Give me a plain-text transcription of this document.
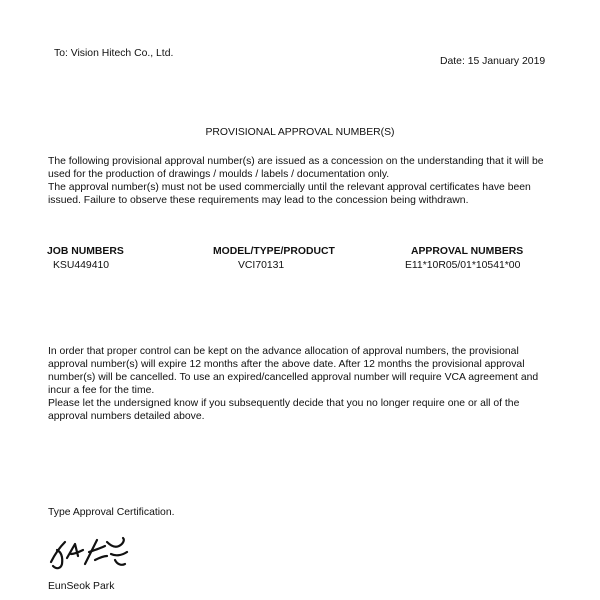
To: Vision Hitech Co., Ltd.
Date: 15 January 2019
PROVISIONAL APPROVAL NUMBER(S)

The following provisional approval number(s) are issued as a concession on the understanding that it will be used for the production of drawings / moulds / labels / documentation only.

The approval number(s) must not be used commercially until the relevant approval certificates have been issued. Failure to observe these requirements may lead to the concession being withdrawn.

JOB NUMBERS	MODEL/TYPE/PRODUCT	APPROVAL NUMBERS
KSU449410	VCI70131	E11*10R05/01*10541*00

In order that proper control can be kept on the advance allocation of approval numbers, the provisional approval number(s) will expire 12 months after the above date. After 12 months the provisional approval number(s) will be cancelled. To use an expired/cancelled approval number will require VCA agreement and incur a fee for the time.

Please let the undersigned know if you subsequently decide that you no longer require one or all of the approval numbers detailed above.

Type Approval Certification.
EunSeok Park
